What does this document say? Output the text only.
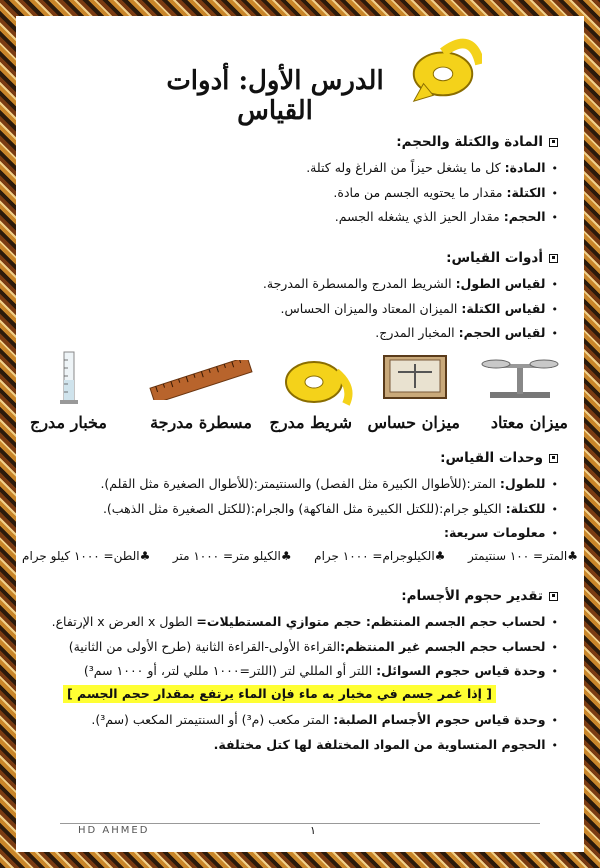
الدرس الأول: أدوات القياس
المادة والكتلة والحجم:
•
المادة: كل ما يشغل حيزاً من الفراغ وله كتلة.
•
الكتلة: مقدار ما يحتويه الجسم من مادة.
•
الحجم: مقدار الحيز الذي يشغله الجسم.
أدوات القياس:
•
لقياس الطول: الشريط المدرج والمسطرة المدرجة.
•
لقياس الكتلة: الميزان المعتاد والميزان الحساس.
•
لقياس الحجم: المخبار المدرج.
ميزان معتاد
ميزان حساس
شريط مدرج
مسطرة مدرجة
مخبار مدرج
وحدات القياس:
•
للطول: المتر:(للأطوال الكبيرة مثل الفصل) والسنتيمتر:(للأطوال الصغيرة مثل القلم).
•
للكتلة: الكيلو جرام:(للكتل الكبيرة مثل الفاكهة) والجرام:(للكتل الصغيرة مثل الذهب).
•
معلومات سريعة:
♣المتر= ١٠٠ سنتيمتر
♣الكيلوجرام= ١٠٠٠ جرام
♣الكيلو متر= ١٠٠٠ متر
♣الطن= ١٠٠٠ كيلو جرام
تقدير حجوم الأجسام:
•
لحساب حجم الجسم المنتظم: حجم متوازي المستطيلات= الطول x العرض x الإرتفاع.
•
لحساب حجم الجسم غير المنتظم:القراءة الأولى-القراءة الثانية (طرح الأولى من الثانية)
•
وحدة قياس حجوم السوائل: اللتر أو المللي لتر (اللتر=١٠٠٠ مللي لتر، أو ١٠٠٠ سم³)
[ إذا غمر جسم في مخبار به ماء فإن الماء يرتفع بمقدار حجم الجسم ]
•
وحدة قياس حجوم الأجسام الصلبة: المتر مكعب (م³) أو السنتيمتر المكعب (سم³).
•
الحجوم المتساوية من المواد المختلفة لها كتل مختلفة.
HD AHMED	١
